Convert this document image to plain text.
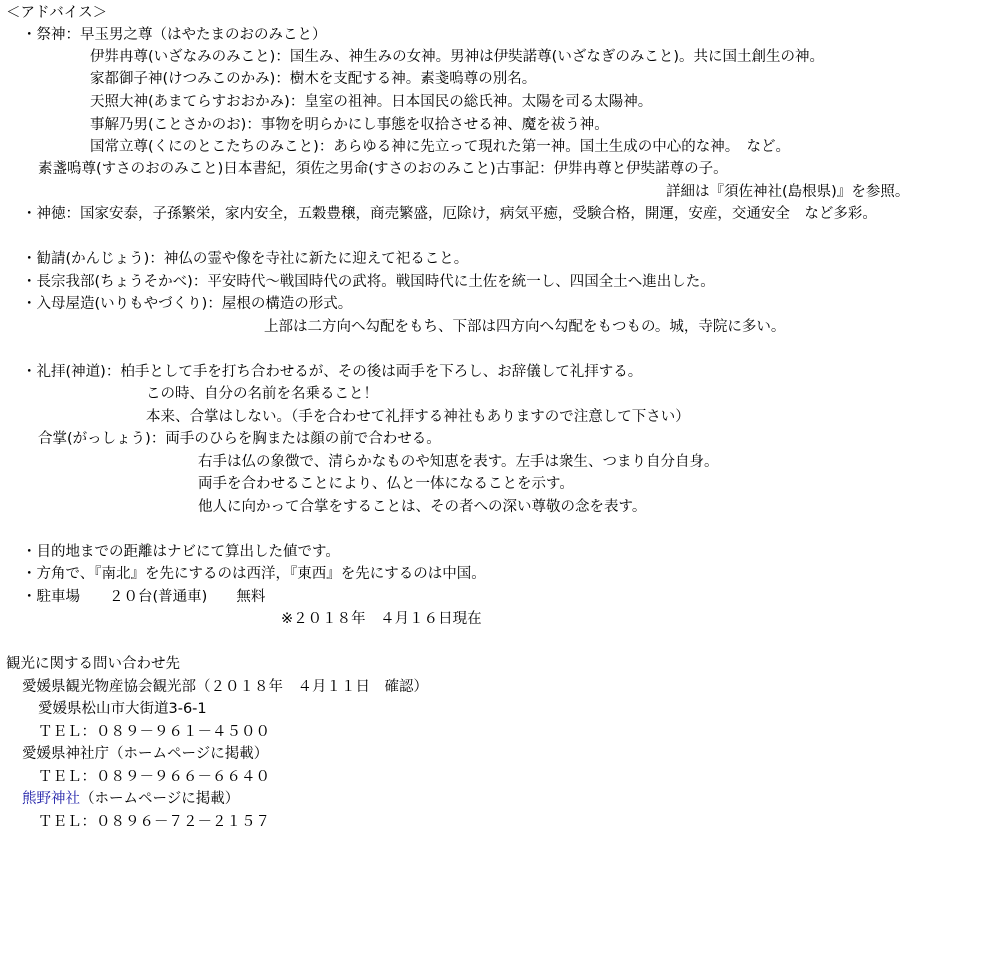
＜アドバイス＞
・祭神：早玉男之尊（はやたまのおのみこと）
伊弉冉尊(いざなみのみこと)：国生み、神生みの女神。男神は伊奘諾尊(いざなぎのみこと)。共に国土創生の神。
家都御子神(けつみこのかみ)：樹木を支配する神。素戔嗚尊の別名。
天照大神(あまてらすおおかみ)：皇室の祖神。日本国民の総氏神。太陽を司る太陽神。
事解乃男(ことさかのお)：事物を明らかにし事態を収拾させる神、魔を祓う神。
国常立尊(くにのとこたちのみこと)：あらゆる神に先立って現れた第一神。国土生成の中心的な神。　など。
素盞嗚尊(すさのおのみこと)日本書紀，須佐之男命(すさのおのみこと)古事記：伊弉冉尊と伊奘諾尊の子。
詳細は『須佐神社(島根県)』を参照。
・神徳：国家安泰，子孫繁栄，家内安全，五穀豊穣，商売繁盛，厄除け，病気平癒，受験合格，開運，安産，交通安全　など多彩。
・勧請(かんじょう)：神仏の霊や像を寺社に新たに迎えて祀ること。
・長宗我部(ちょうそかべ)：平安時代～戦国時代の武将。戦国時代に土佐を統一し、四国全土へ進出した。
・入母屋造(いりもやづくり)：屋根の構造の形式。
上部は二方向へ勾配をもち、下部は四方向へ勾配をもつもの。城，寺院に多い。
・礼拝(神道)：柏手として手を打ち合わせるが、その後は両手を下ろし、お辞儀して礼拝する。
この時、自分の名前を名乗ること！
本来、合掌はしない。（手を合わせて礼拝する神社もありますので注意して下さい）
合掌(がっしょう)：両手のひらを胸または顔の前で合わせる。
右手は仏の象徴で、清らかなものや知恵を表す。左手は衆生、つまり自分自身。
両手を合わせることにより、仏と一体になることを示す。
他人に向かって合掌をすることは、その者への深い尊敬の念を表す。
・目的地までの距離はナビにて算出した値です。
・方角で、『南北』を先にするのは西洋，『東西』を先にするのは中国。
・駐車場　　２０台(普通車)　　無料
※２０１８年　４月１６日現在
観光に関する問い合わせ先
愛媛県観光物産協会観光部（２０１８年　４月１１日　確認）
愛媛県松山市大街道3-6-1
ＴＥＬ：０８９－９６１－４５００
愛媛県神社庁（ホームページに掲載）
ＴＥＬ：０８９－９６６－６６４０
熊野神社（ホームページに掲載）
ＴＥＬ：０８９６－７２－２１５７
